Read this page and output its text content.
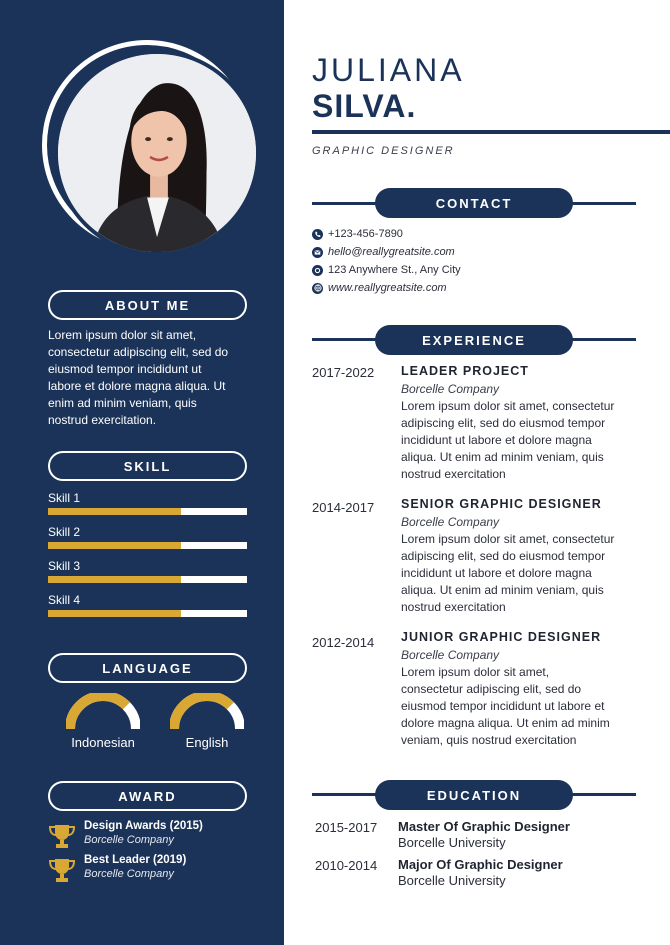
ABOUT ME
Lorem ipsum dolor sit amet,
consectetur adipiscing elit, sed do
eiusmod tempor incididunt ut
labore et dolore magna aliqua. Ut
enim ad minim veniam, quis
nostrud exercitation.
SKILL
Skill 1
Skill 2
Skill 3
Skill 4
LANGUAGE
Indonesian	English
AWARD
Design Awards (2015)
Borcelle Company
Best Leader (2019)
Borcelle Company
JULIANA
SILVA.
GRAPHIC DESIGNER
CONTACT
+123-456-7890
hello@reallygreatsite.com
123 Anywhere St., Any City
www.reallygreatsite.com
EXPERIENCE
2017-2022 LEADER PROJECT
Borcelle Company
Lorem ipsum dolor sit amet, consectetur
adipiscing elit, sed do eiusmod tempor
incididunt ut labore et dolore magna
aliqua. Ut enim ad minim veniam, quis
nostrud exercitation
2014-2017 SENIOR GRAPHIC DESIGNER
Borcelle Company
Lorem ipsum dolor sit amet, consectetur
adipiscing elit, sed do eiusmod tempor
incididunt ut labore et dolore magna
aliqua. Ut enim ad minim veniam, quis
nostrud exercitation
2012-2014 JUNIOR GRAPHIC DESIGNER
Borcelle Company
Lorem ipsum dolor sit amet,
consectetur adipiscing elit, sed do
eiusmod tempor incididunt ut labore et
dolore magna aliqua. Ut enim ad minim
veniam, quis nostrud exercitation
EDUCATION
2015-2017 Master Of Graphic Designer
Borcelle University
2010-2014 Major Of Graphic Designer
Borcelle University
